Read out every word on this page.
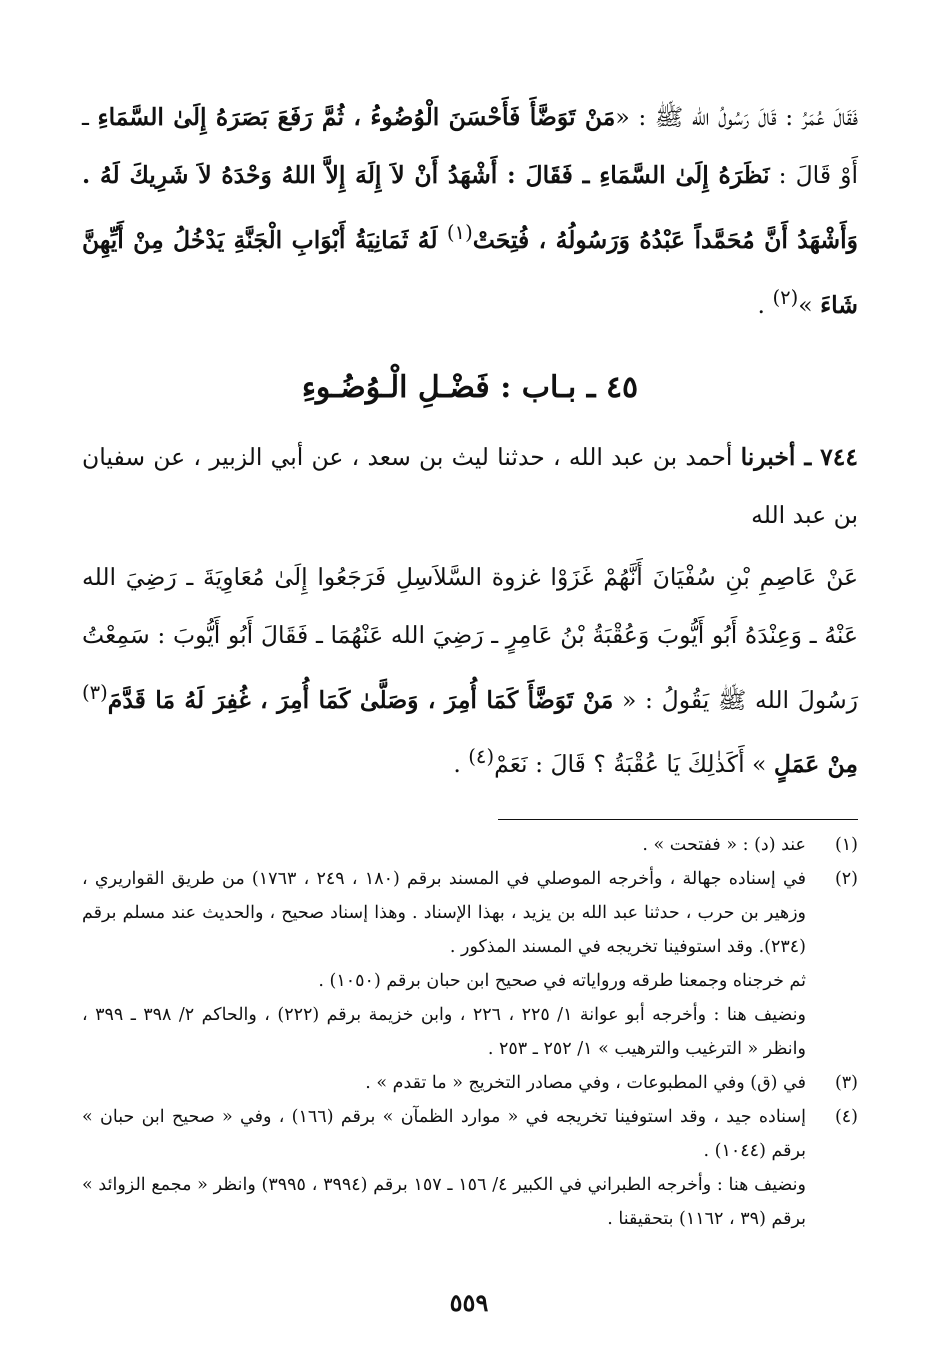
فَقَالَ عُمَرُ : قَالَ رَسُولُ الله ﷺ : «مَنْ تَوَضَّأَ فَأَحْسَنَ الْوُضُوءُ ، ثُمَّ رَفَعَ بَصَرَهُ إِلَىٰ السَّمَاءِ ـ أَوْ قَالَ : نَظَرَهُ إِلَىٰ السَّمَاءِ ـ فَقَالَ : أَشْهَدُ أَنْ لاَ إِلَهَ إِلاَّ اللهُ وَحْدَهُ لاَ شَرِيكَ لَهُ . وَأَشْهَدُ أَنَّ مُحَمَّداً عَبْدُهُ وَرَسُولُهُ ، فُتِحَتْ$^{(١)}$ لَهُ ثَمَانِيَةُ أَبْوَابِ الْجَنَّةِ يَدْخُلُ مِنْ أَيِّهِنَّ شَاءَ »$^{(٢)}$ .

٤٥ ـ بـاب : فَضْـلِ الْـوُضُـوءِ

٧٤٤ ـ أخبرنا أحمد بن عبد الله ، حدثنا ليث بن سعد ، عن أبي الزبير ، عن سفيان بن عبد الله

عَنْ عَاصِمِ بْنِ سُفْيَانَ أَنَّهُمْ غَزَوْا غزوة السَّلاَسِلِ فَرَجَعُوا إِلَىٰ مُعَاوِيَةَ ـ رَضِيَ الله عَنْهُ ـ وَعِنْدَهُ أَبُو أَيُّوبَ وَعُقْبَةُ بْنُ عَامِرٍ ـ رَضِيَ الله عَنْهُمَا ـ فَقَالَ أَبُو أَيُّوبَ : سَمِعْتُ رَسُولَ الله ﷺ يَقُولُ : « مَنْ تَوَضَّأَ كَمَا أُمِرَ ، وَصَلَّىٰ كَمَا أُمِرَ ، غُفِرَ لَهُ مَا قَدَّمَ$^{(٣)}$ مِنْ عَمَلٍ » أَكَذٰلِكَ يَا عُقْبَةُ ؟ قَالَ : نَعَمْ$^{(٤)}$ .

(١)
عند (د) : « ففتحت » .
(٢)
في إسناده جهالة ، وأخرجه الموصلي في المسند برقم (١٨٠ ، ٢٤٩ ، ١٧٦٣) من طريق القواريري ، وزهير بن حرب ، حدثنا عبد الله بن يزيد ، بهذا الإسناد . وهذا إسناد صحيح ، والحديث عند مسلم برقم (٢٣٤). وقد استوفينا تخريجه في المسند المذكور .
ثم خرجناه وجمعنا طرقه ورواياته في صحيح ابن حبان برقم (١٠٥٠) .
ونضيف هنا : وأخرجه أبو عوانة ١/ ٢٢٥ ، ٢٢٦ ، وابن خزيمة برقم (٢٢٢) ، والحاكم ٢/ ٣٩٨ ـ ٣٩٩ ، وانظر « الترغيب والترهيب » ١/ ٢٥٢ ـ ٢٥٣ .
(٣)
في (ق) وفي المطبوعات ، وفي مصادر التخريج « ما تقدم » .
(٤)
إسناده جيد ، وقد استوفينا تخريجه في « موارد الظمآن » برقم (١٦٦) ، وفي « صحيح ابن حبان » برقم (١٠٤٤) .
ونضيف هنا : وأخرجه الطبراني في الكبير ٤/ ١٥٦ ـ ١٥٧ برقم (٣٩٩٤ ، ٣٩٩٥) وانظر « مجمع الزوائد » برقم (٣٩ ، ١١٦٢) بتحقيقنا .
٥٥٩
